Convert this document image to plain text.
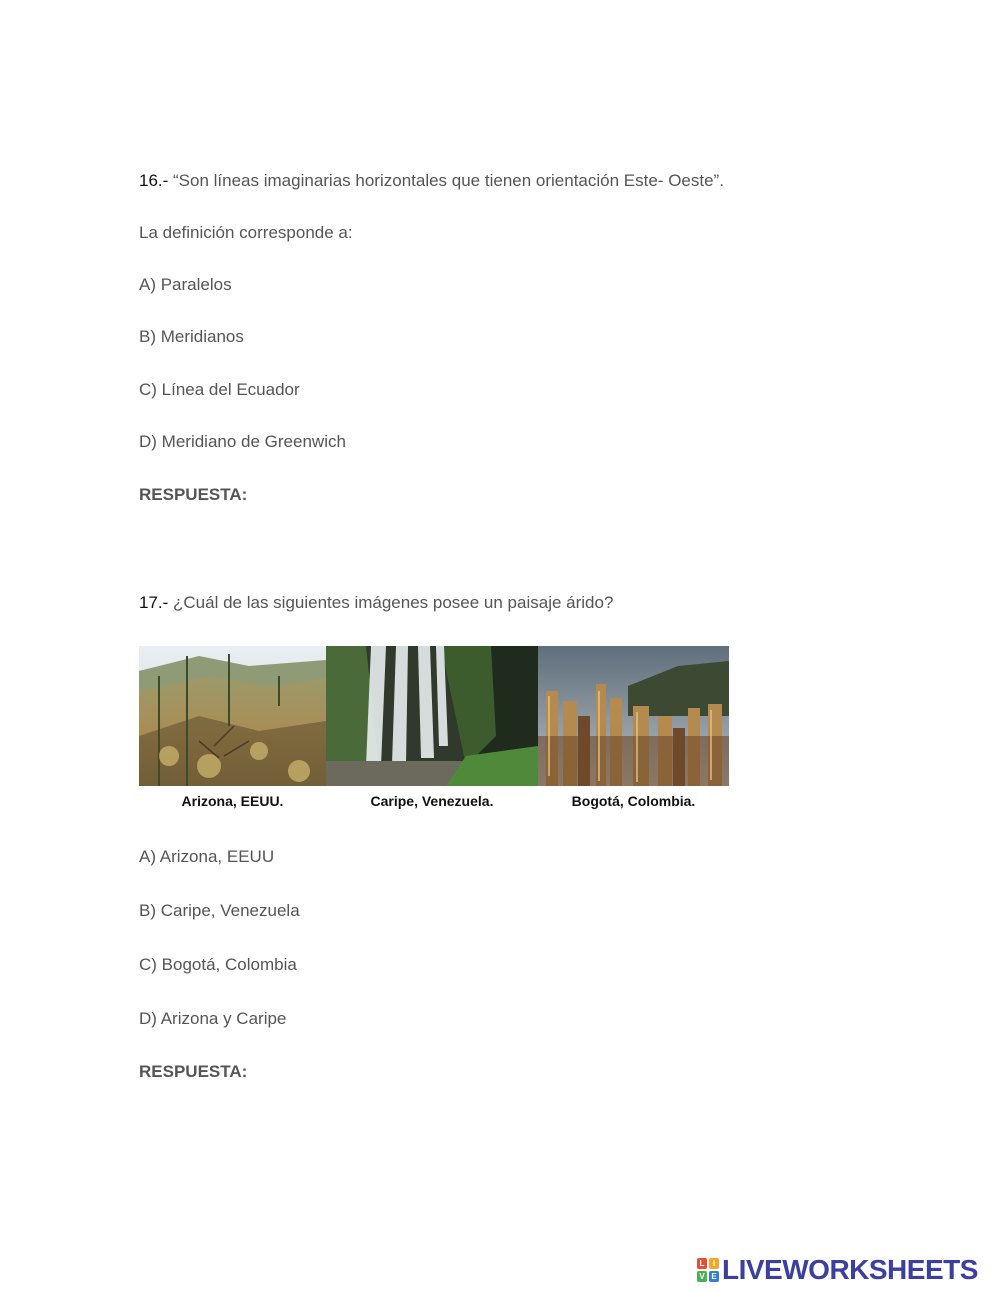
16.- “Son líneas imaginarias horizontales que tienen orientación Este- Oeste”.
La definición corresponde a:
A) Paralelos
B) Meridianos
C) Línea del Ecuador
D) Meridiano de Greenwich
RESPUESTA:
17.- ¿Cuál de las siguientes imágenes posee un paisaje árido?
Arizona, EEUU.	Caripe, Venezuela.	Bogotá, Colombia.
A) Arizona, EEUU
B) Caripe, Venezuela
C) Bogotá, Colombia
D) Arizona y Caripe
RESPUESTA:
L	I
V E LIVEWORKSHEETS
